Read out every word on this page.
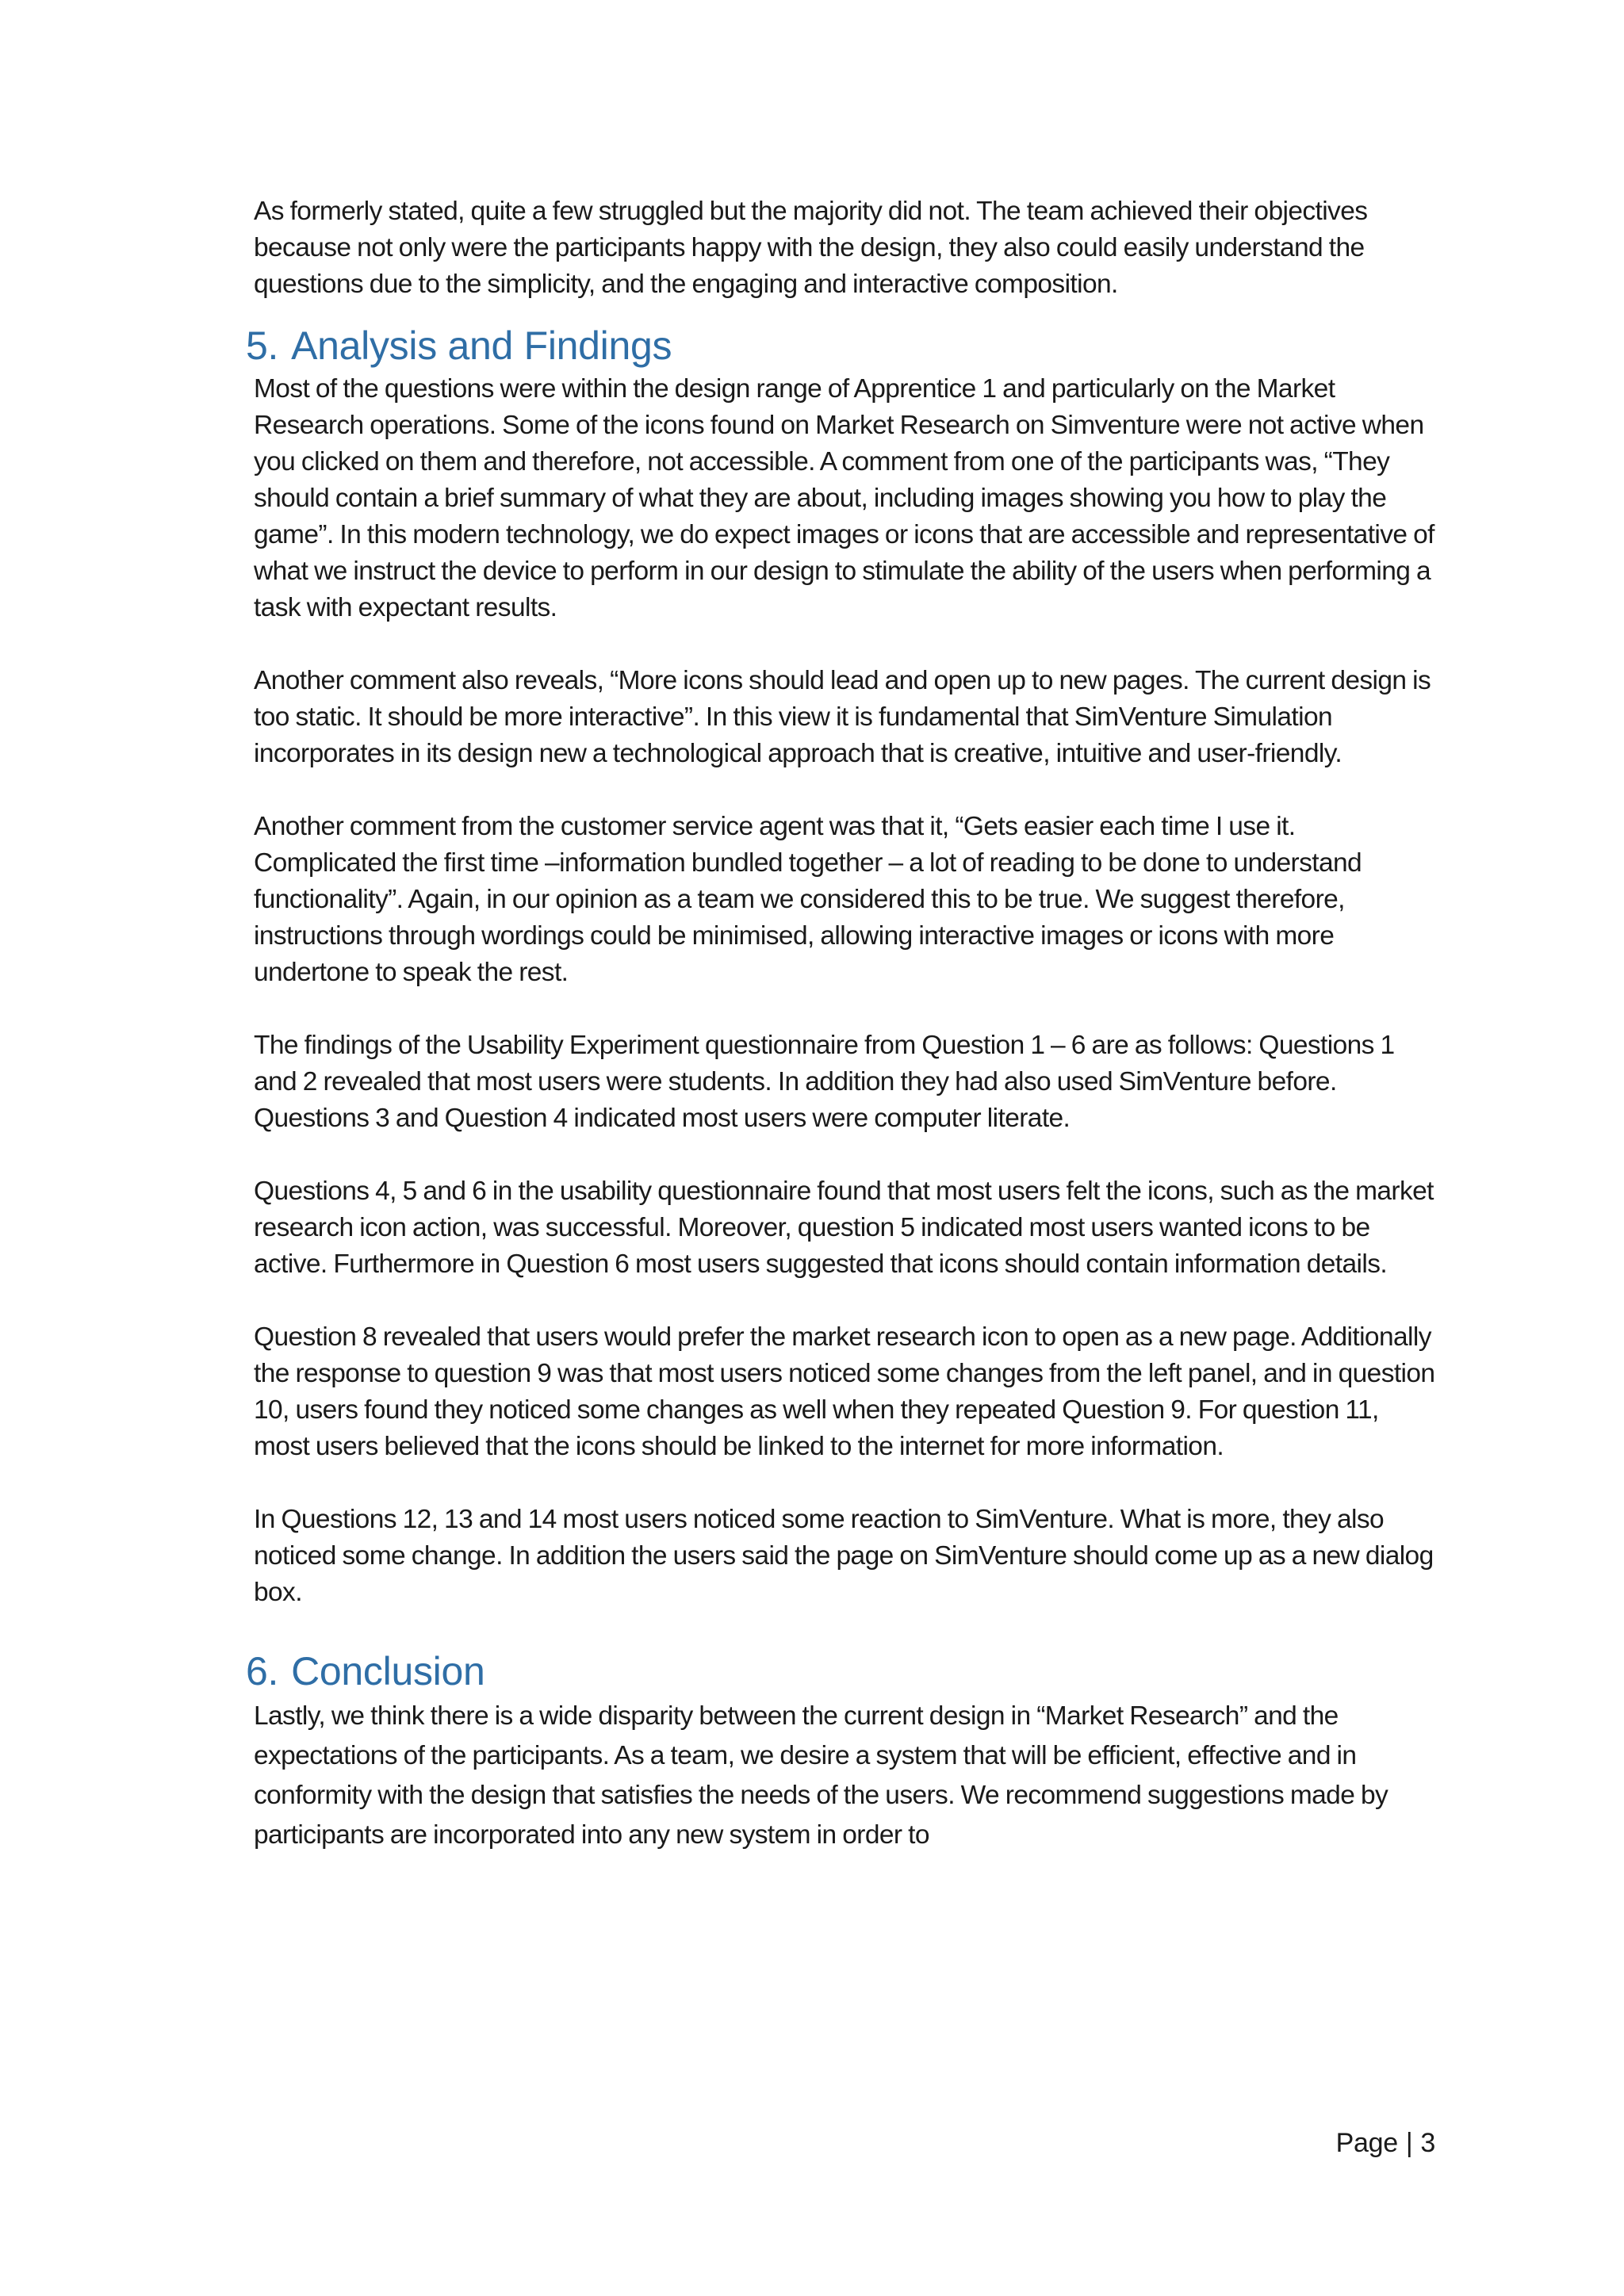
As formerly stated, quite a few struggled but the majority did not. The team achieved their objectives because not only were the participants happy with the design, they also could easily understand the questions due to the simplicity, and the engaging and interactive composition.

5. Analysis and Findings

Most of the questions were within the design range of Apprentice 1 and particularly on the Market Research operations. Some of the icons found on Market Research on Simventure were not active when you clicked on them and therefore, not accessible. A comment from one of the participants was, “They should contain a brief summary of what they are about, including images showing you how to play the game”. In this modern technology, we do expect images or icons that are accessible and representative of what we instruct the device to perform in our design to stimulate the ability of the users when performing a task with expectant results.

Another comment also reveals, “More icons should lead and open up to new pages. The current design is too static. It should be more interactive”. In this view it is fundamental that SimVenture Simulation incorporates in its design new a technological approach that is creative, intuitive and user-friendly.

Another comment from the customer service agent was that it, “Gets easier each time I use it. Complicated the first time –information bundled together – a lot of reading to be done to understand functionality”. Again, in our opinion as a team we considered this to be true. We suggest therefore, instructions through wordings could be minimised, allowing interactive images or icons with more undertone to speak the rest.

The findings of the Usability Experiment questionnaire from Question 1 – 6 are as follows: Questions 1 and 2 revealed that most users were students. In addition they had also used SimVenture before. Questions 3 and Question 4 indicated most users were computer literate.

Questions 4, 5 and 6 in the usability questionnaire found that most users felt the icons, such as the market research icon action, was successful. Moreover, question 5 indicated most users wanted icons to be active. Furthermore in Question 6 most users suggested that icons should contain information details.

Question 8 revealed that users would prefer the market research icon to open as a new page. Additionally the response to question 9 was that most users noticed some changes from the left panel, and in question 10, users found they noticed some changes as well when they repeated Question 9. For question 11, most users believed that the icons should be linked to the internet for more information.

In Questions 12, 13 and 14 most users noticed some reaction to SimVenture. What is more, they also noticed some change. In addition the users said the page on SimVenture should come up as a new dialog box.

6. Conclusion

Lastly, we think there is a wide disparity between the current design in “Market Research” and the expectations of the participants. As a team, we desire a system that will be efficient, effective and in conformity with the design that satisfies the needs of the users. We recommend suggestions made by participants are incorporated into any new system in order to

Page | 3
